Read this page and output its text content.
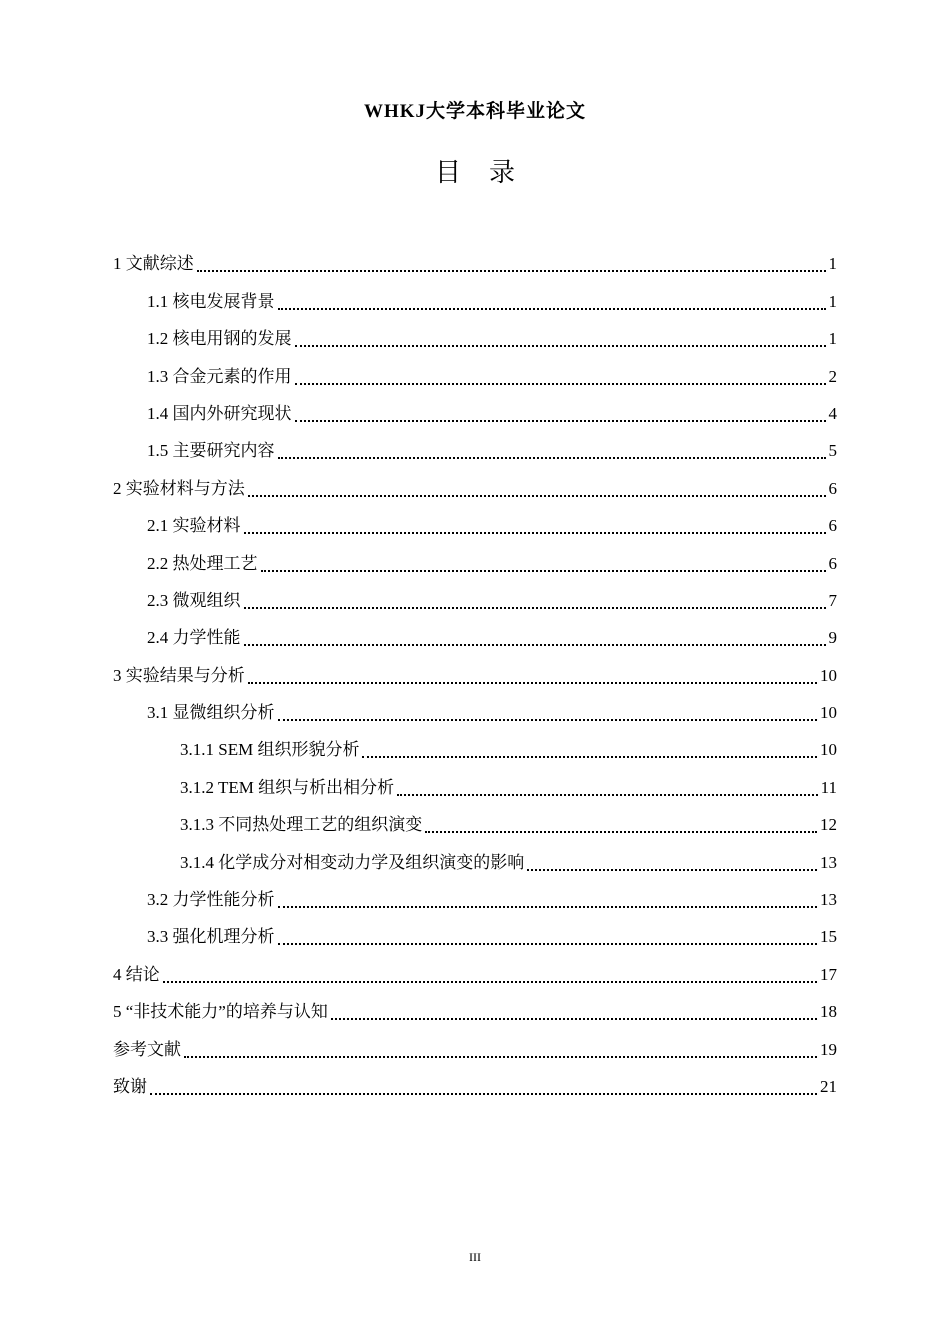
WHKJ大学本科毕业论文
目录
1 文献综述	1
1.1 核电发展背景	1
1.2 核电用钢的发展	1
1.3 合金元素的作用	2
1.4 国内外研究现状	4
1.5 主要研究内容	5
2 实验材料与方法	6
2.1 实验材料	6
2.2 热处理工艺	6
2.3 微观组织	7
2.4 力学性能	9
3 实验结果与分析	10
3.1 显微组织分析	10
3.1.1 SEM 组织形貌分析	10
3.1.2 TEM 组织与析出相分析	11
3.1.3 不同热处理工艺的组织演变	12
3.1.4 化学成分对相变动力学及组织演变的影响	13
3.2 力学性能分析	13
3.3 强化机理分析	15
4 结论	17
5 “非技术能力”的培养与认知	18
参考文献	19
致谢	21
III
